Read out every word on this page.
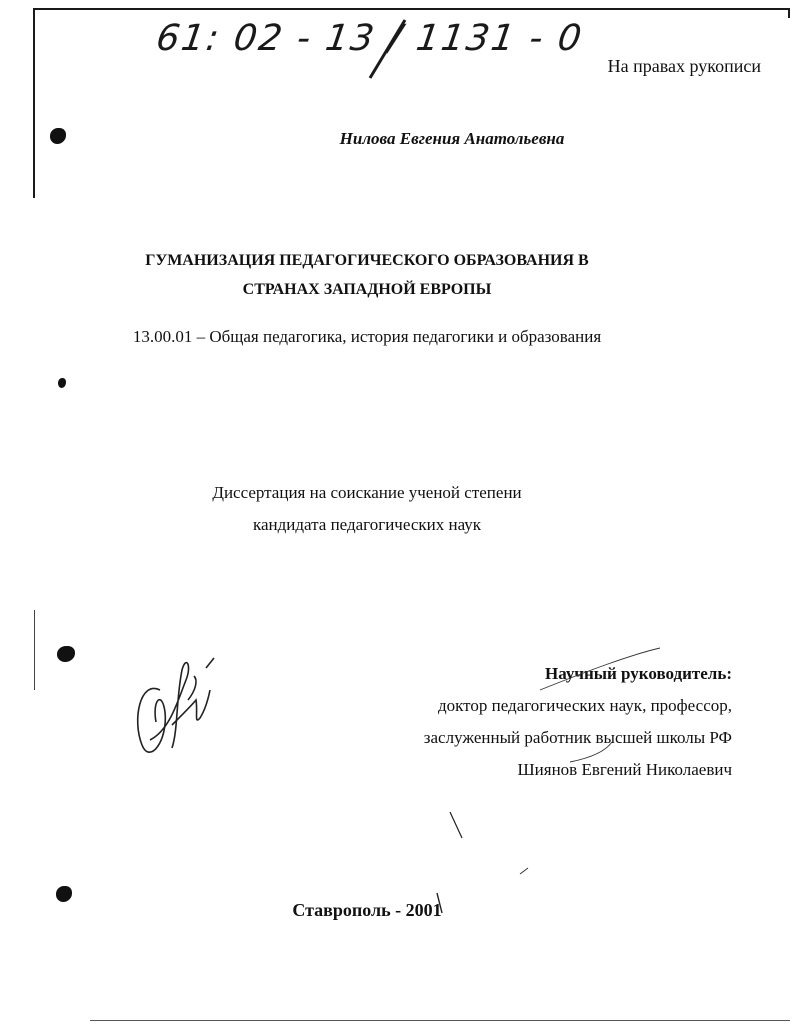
61: 02 - 13 / 1131 - 0
На правах рукописи
Нилова Евгения Анатольевна
ГУМАНИЗАЦИЯ ПЕДАГОГИЧЕСКОГО ОБРАЗОВАНИЯ В
СТРАНАХ ЗАПАДНОЙ ЕВРОПЫ
13.00.01 – Общая педагогика, история педагогики и образования
Диссертация на соискание ученой степени
кандидата педагогических наук
Научный руководитель:
доктор педагогических наук, профессор,
заслуженный работник высшей школы РФ
Шиянов Евгений Николаевич
Ставрополь - 2001
